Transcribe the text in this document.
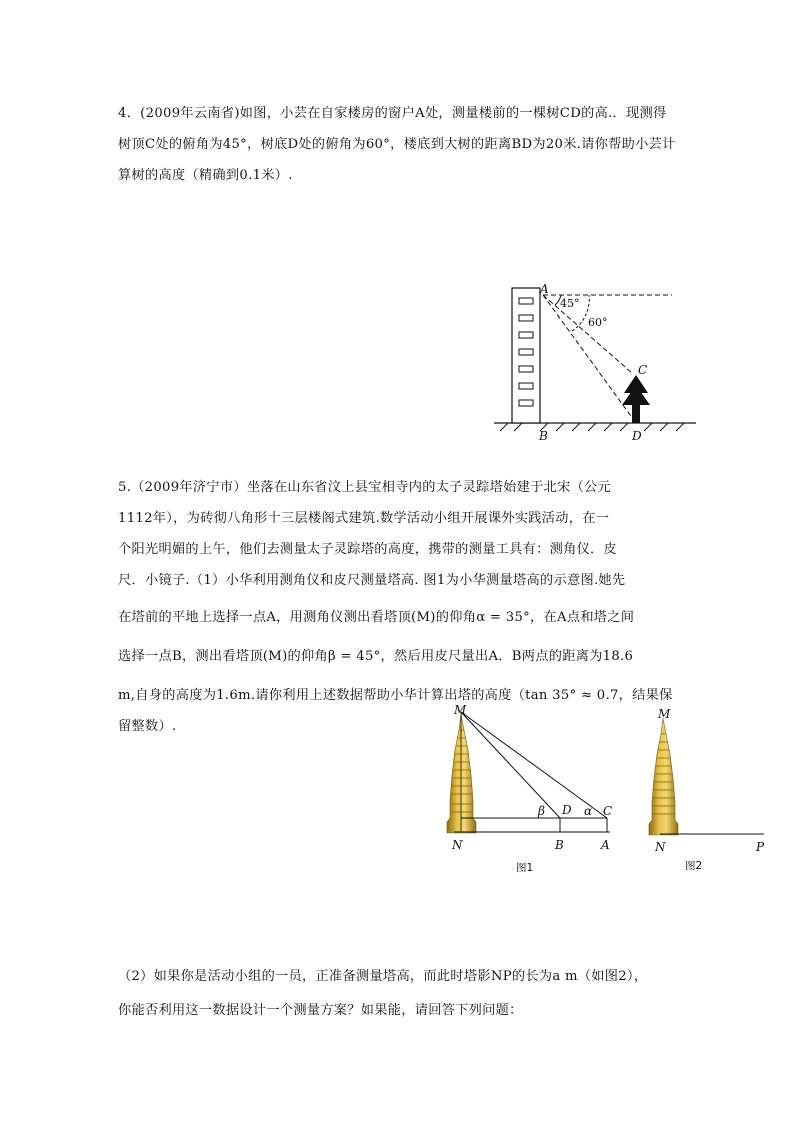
4．(2009年云南省)如图，小芸在自家楼房的窗户A处，测量楼前的一棵树CD的高.．现测得树顶C处的俯角为45°，树底D处的俯角为60°，楼底到大树的距离BD为20米.请你帮助小芸计算树的高度（精确到0.1米）.
5.（2009年济宁市）坐落在山东省汶上县宝相寺内的太子灵踪塔始建于北宋（公元
1112年），为砖彻八角形十三层楼阁式建筑.数学活动小组开展课外实践活动，在一
个阳光明媚的上午，他们去测量太子灵踪塔的高度，携带的测量工具有：测角仪．皮
尺．小镜子.（1）小华利用测角仪和皮尺测量塔高. 图1为小华测量塔高的示意图.她先
在塔前的平地上选择一点A，用测角仪测出看塔顶(M)的仰角α = 35°，在A点和塔之间
选择一点B，测出看塔顶(M)的仰角β = 45°，然后用皮尺量出A．B两点的距离为18.6
m,自身的高度为1.6m.请你利用上述数据帮助小华计算出塔的高度（tan 35° ≈ 0.7，结果保
留整数）.
（2）如果你是活动小组的一员，正准备测量塔高，而此时塔影NP的长为a m（如图2），
你能否利用这一数据设计一个测量方案？如果能，请回答下列问题：
A
B
C
D
45°
60°
M
N	B	A
C
D
β	α
图1
M
N	P
图2
